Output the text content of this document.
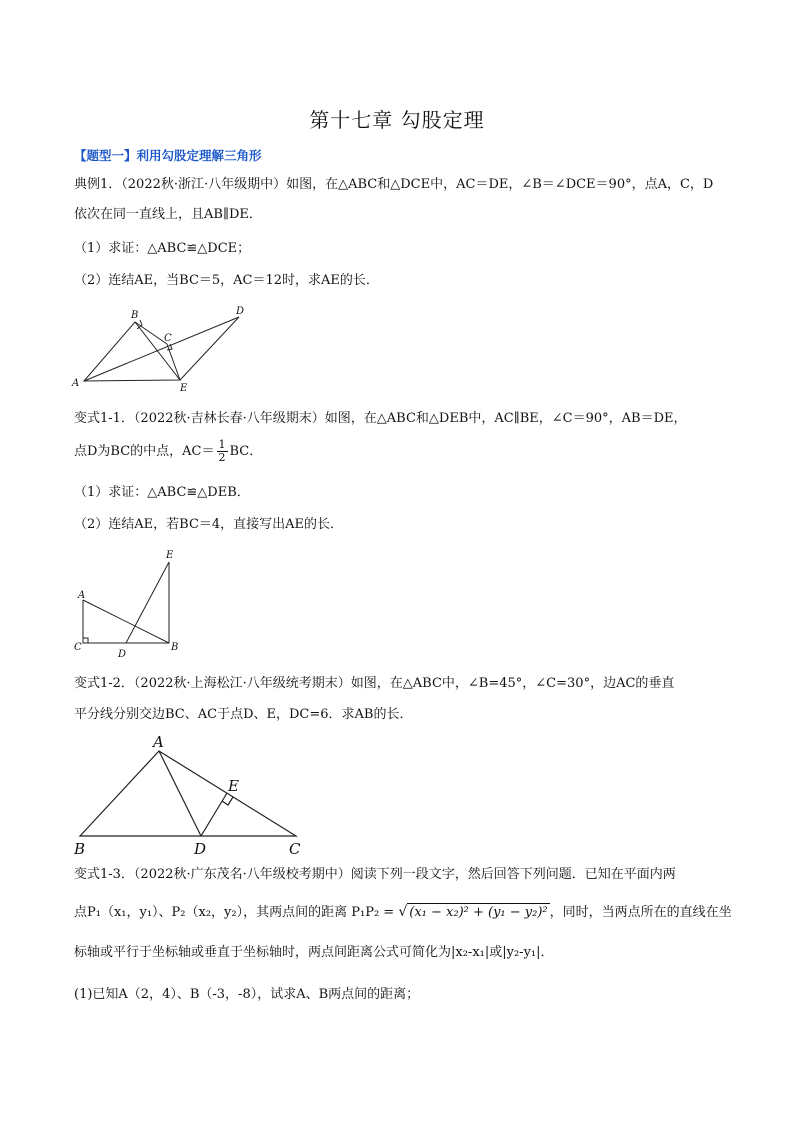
第十七章 勾股定理
【题型一】利用勾股定理解三角形
典例1．（2022秋·浙江·八年级期中）如图，在△ABC和△DCE中，AC＝DE，∠B＝∠DCE＝90°，点A，C，D
依次在同一直线上，且AB∥DE．
（1）求证：△ABC≌△DCE；
（2）连结AE，当BC＝5，AC＝12时，求AE的长．
A
B
C
D
E
变式1-1．（2022秋·吉林长春·八年级期末）如图，在△ABC和△DEB中，AC∥BE，∠C＝90°，AB＝DE，
点D为BC的中点，$AC= \frac{1}{2}$ BC．
（1）求证：△ABC≌△DEB．
（2）连结AE，若BC＝4，直接写出AE的长．
E
A
C
D
B
变式1-2．（2022秋·上海松江·八年级统考期末）如图，在△ABC中，∠B=45°，∠C=30°，边AC的垂直
平分线分别交边BC、AC于点D、E，DC=6．求AB的长．
A
E
B	D	C
变式1-3．（2022秋·广东茂名·八年级校考期中）阅读下列一段文字，然后回答下列问题．已知在平面内两
点P₁（x₁，y₁）、P₂（x₂，y₂），其两点间的距离 P₁P₂ = √ (x₁ − x₂)² + (y₁ − y₂)² ，同时，当两点所在的直线在坐
标轴或平行于坐标轴或垂直于坐标轴时，两点间距离公式可简化为|x₂-x₁|或|y₂-y₁|．
(1)已知A（2，4）、B（-3，-8），试求A、B两点间的距离；
